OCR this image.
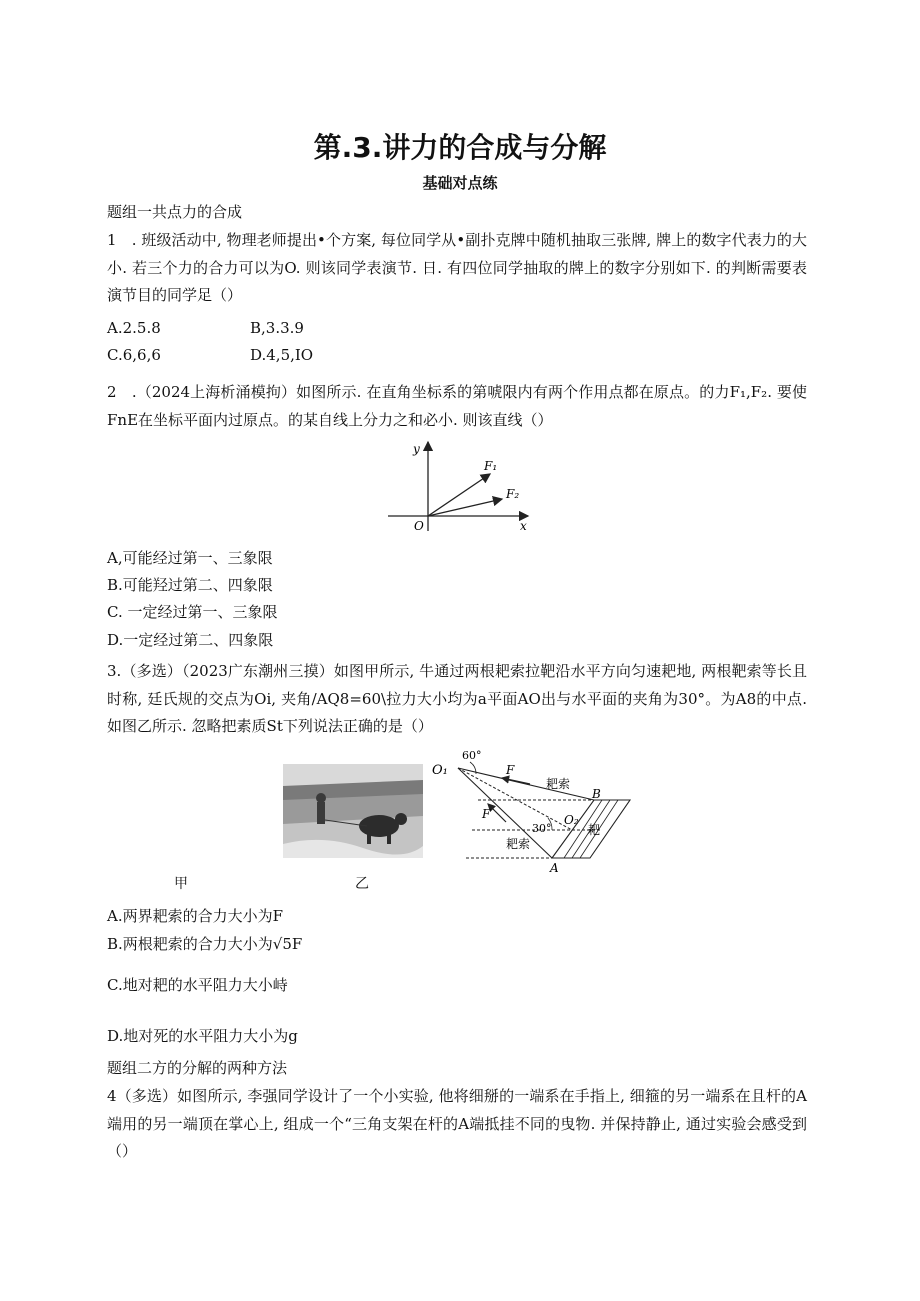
第.3.讲力的合成与分解
基础对点练
题组一共点力的合成
1　. 班级活动中, 物理老师提出•个方案, 每位同学从•副扑克牌中随机抽取三张牌, 牌上的数字代表力的大小. 若三个力的合力可以为O. 则该同学表演节. 日. 有四位同学抽取的牌上的数字分别如下. 的判断需要表演节目的同学足（）
A.2.5.8	B,3.3.9
C.6,6,6	D.4,5,IO
2　.（2024上海析涌模拘）如图所示. 在直角坐标系的第唬限内有两个作用点都在原点。的力F₁,F₂. 要使FnE在坐标平面内过原点。的某自线上分力之和必小. 则该直线（）
y
x
O
F₁
F₂
A,可能经过第一、三象限
B.可能羟过第二、四象限
C. 一定经过第一、三象限
D.一定经过第二、四象限
3.（多选）（2023广东潮州三摸）如图甲所示, 牛通过两根耙索拉靶沿水平方向匀速耙地, 两根靶索等长且时称, 廷氏规的交点为Oi, 夹角/AQ8=60\拉力大小均为a平面AO出与水平面的夹角为30°。为A8的中点. 如图乙所示. 忽略把素质St下列说法正确的是（）
O₁
60°
F
F
耙索
耙索
30°
O₂
B
A
耙
甲	乙
A.两界耙索的合力大小为F
B.两根耙索的合力大小为√5F
C.地对耙的水平阻力大小峙
D.地对死的水平阻力大小为g
题组二方的分解的两种方法
4（多选）如图所示, 李强同学设计了一个小实验, 他将细掰的一端系在手指上, 细箍的另一端系在且杆的A端用的另一端顶在掌心上, 组成一个“三角支架在杆的A端抵挂不同的曳物. 并保持静止, 通过实验会感受到（）
